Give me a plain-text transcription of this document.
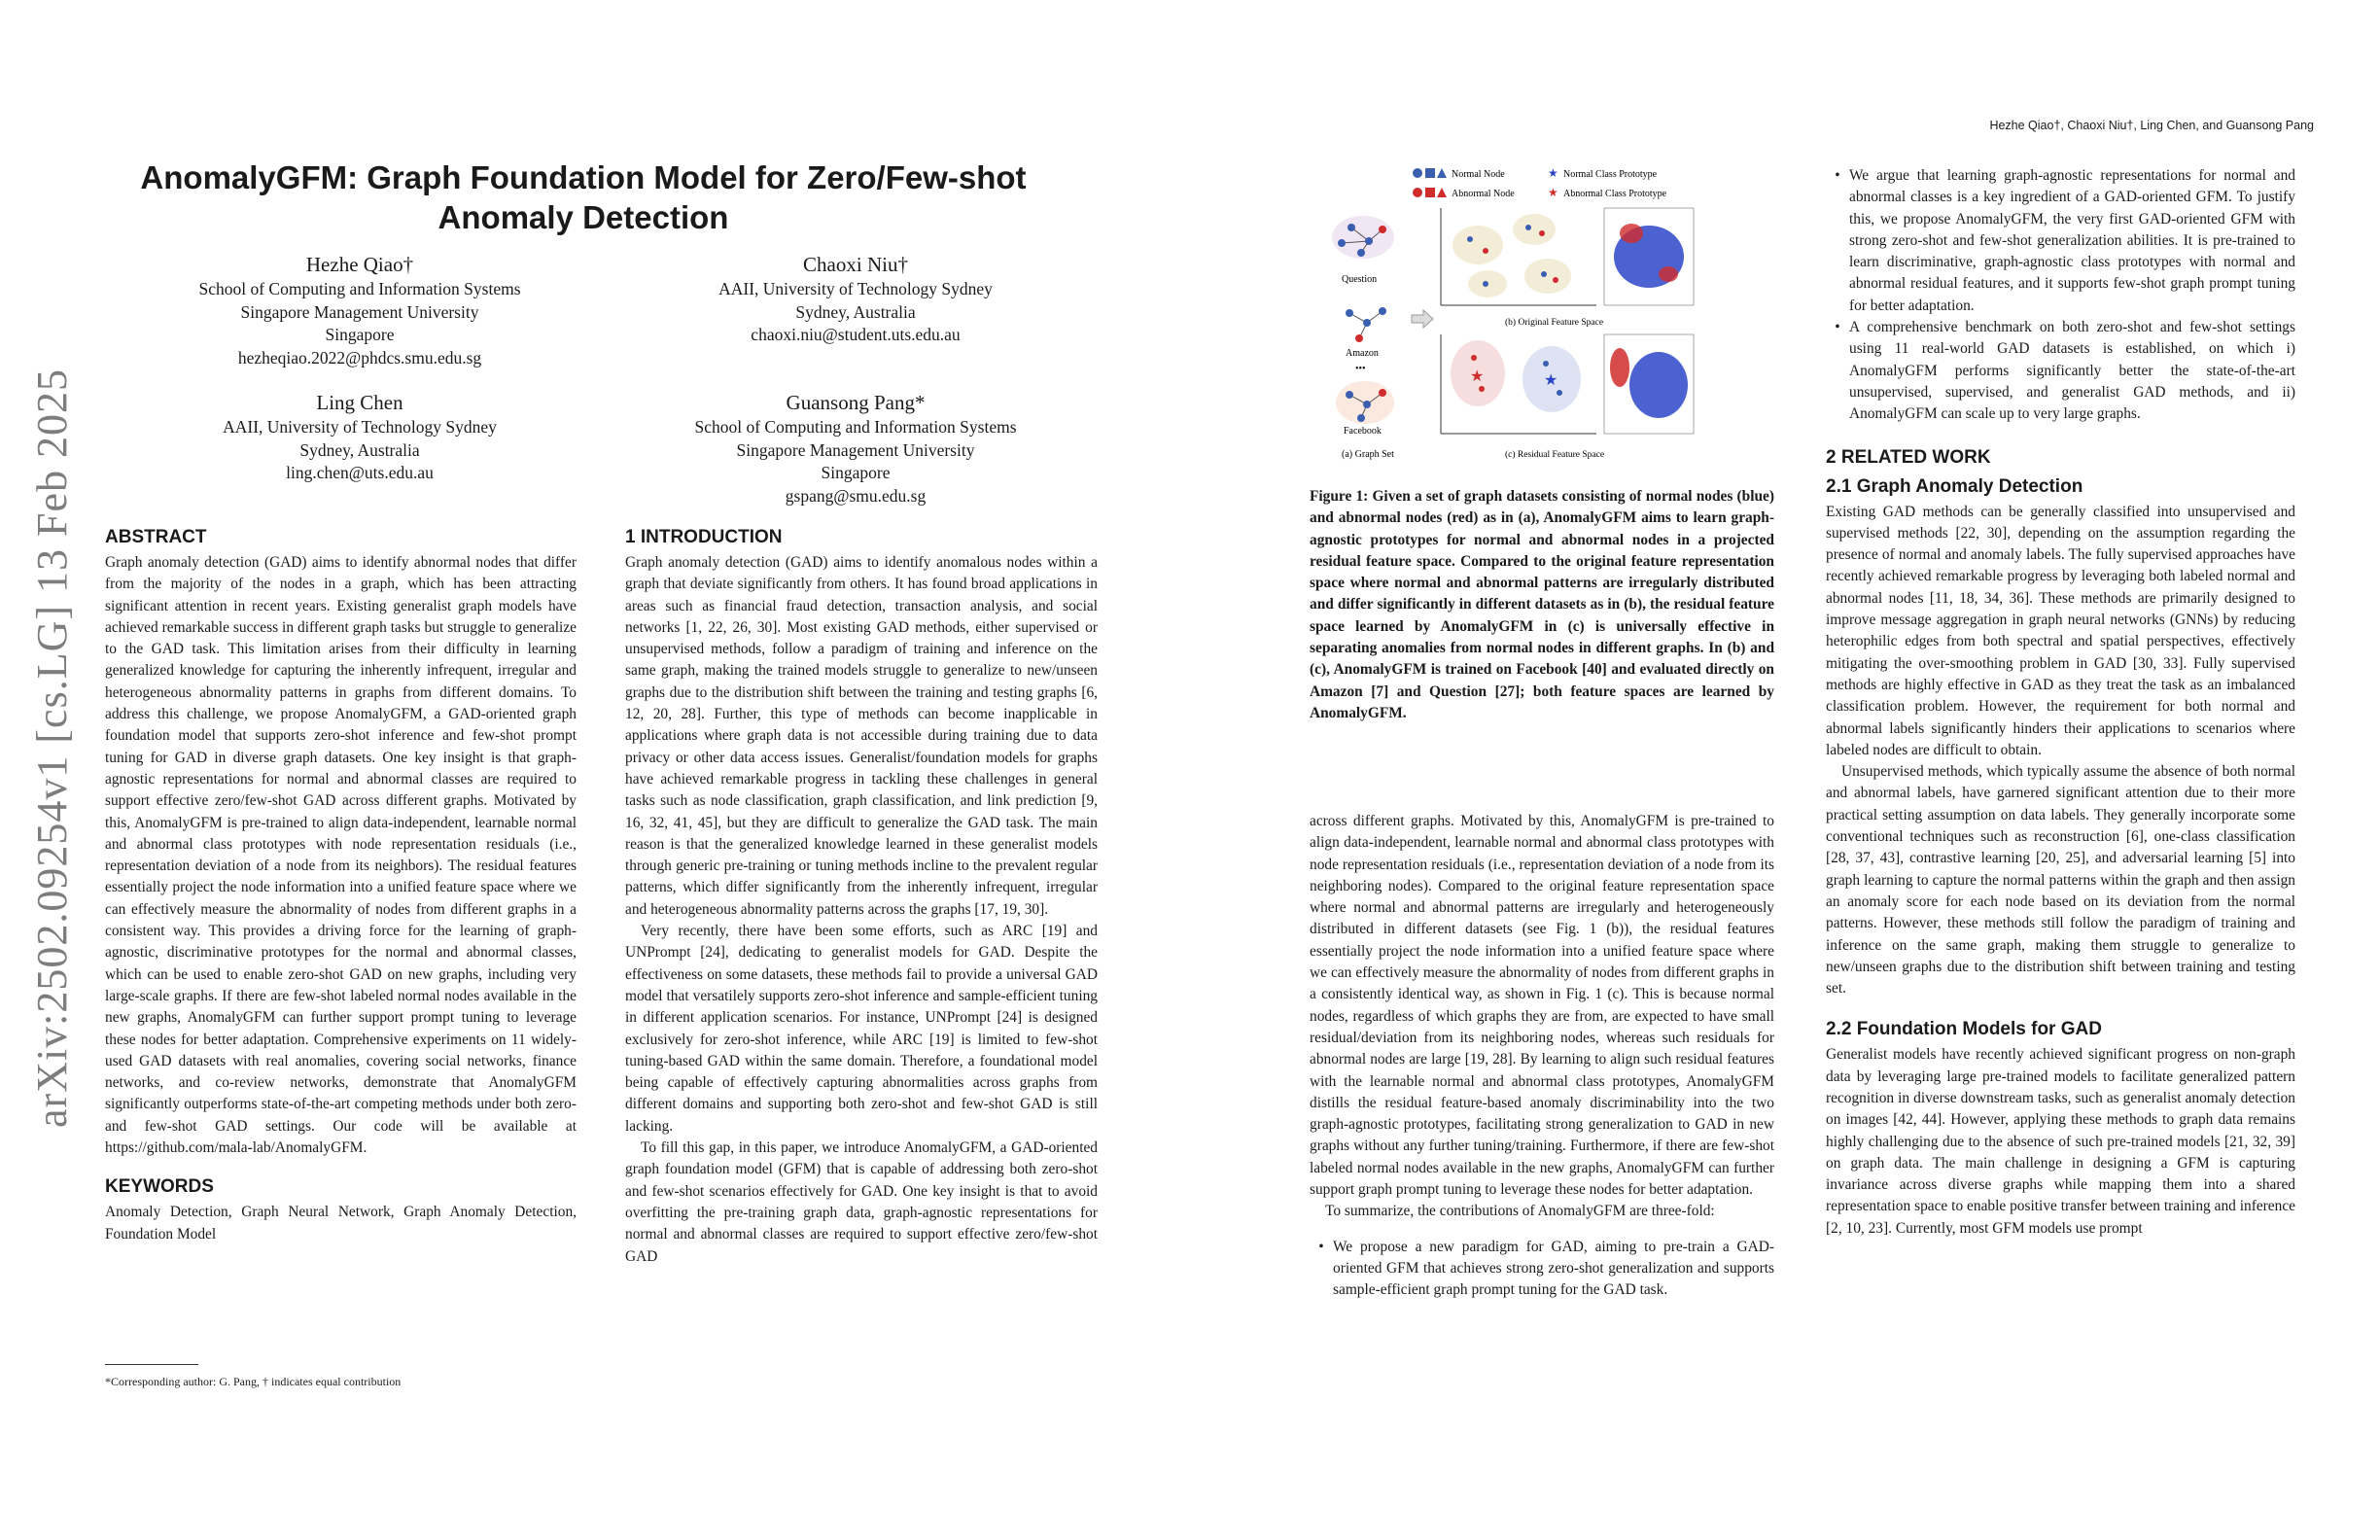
arXiv:2502.09254v1 [cs.LG] 13 Feb 2025
AnomalyGFM: Graph Foundation Model for Zero/Few-shot Anomaly Detection
Hezhe Qiao†
School of Computing and Information Systems
Singapore Management University
Singapore
hezheqiao.2022@phdcs.smu.edu.sg
Chaoxi Niu†
AAII, University of Technology Sydney
Sydney, Australia
chaoxi.niu@student.uts.edu.au
Ling Chen
AAII, University of Technology Sydney
Sydney, Australia
ling.chen@uts.edu.au
Guansong Pang*
School of Computing and Information Systems
Singapore Management University
Singapore
gspang@smu.edu.sg
ABSTRACT

Graph anomaly detection (GAD) aims to identify abnormal nodes that differ from the majority of the nodes in a graph, which has been attracting significant attention in recent years. Existing generalist graph models have achieved remarkable success in different graph tasks but struggle to generalize to the GAD task. This limitation arises from their difficulty in learning generalized knowledge for capturing the inherently infrequent, irregular and heterogeneous abnormality patterns in graphs from different domains. To address this challenge, we propose AnomalyGFM, a GAD-oriented graph foundation model that supports zero-shot inference and few-shot prompt tuning for GAD in diverse graph datasets. One key insight is that graph-agnostic representations for normal and abnormal classes are required to support effective zero/few-shot GAD across different graphs. Motivated by this, AnomalyGFM is pre-trained to align data-independent, learnable normal and abnormal class prototypes with node representation residuals (i.e., representation deviation of a node from its neighbors). The residual features essentially project the node information into a unified feature space where we can effectively measure the abnormality of nodes from different graphs in a consistent way. This provides a driving force for the learning of graph-agnostic, discriminative prototypes for the normal and abnormal classes, which can be used to enable zero-shot GAD on new graphs, including very large-scale graphs. If there are few-shot labeled normal nodes available in the new graphs, AnomalyGFM can further support prompt tuning to leverage these nodes for better adaptation. Comprehensive experiments on 11 widely-used GAD datasets with real anomalies, covering social networks, finance networks, and co-review networks, demonstrate that AnomalyGFM significantly outperforms state-of-the-art competing methods under both zero- and few-shot GAD settings. Our code will be available at https://github.com/mala-lab/AnomalyGFM.

KEYWORDS

Anomaly Detection, Graph Neural Network, Graph Anomaly Detection, Foundation Model

*Corresponding author: G. Pang, † indicates equal contribution
1 INTRODUCTION

Graph anomaly detection (GAD) aims to identify anomalous nodes within a graph that deviate significantly from others. It has found broad applications in areas such as financial fraud detection, transaction analysis, and social networks [1, 22, 26, 30]. Most existing GAD methods, either supervised or unsupervised methods, follow a paradigm of training and inference on the same graph, making the trained models struggle to generalize to new/unseen graphs due to the distribution shift between the training and testing graphs [6, 12, 20, 28]. Further, this type of methods can become inapplicable in applications where graph data is not accessible during training due to data privacy or other data access issues. Generalist/foundation models for graphs have achieved remarkable progress in tackling these challenges in general tasks such as node classification, graph classification, and link prediction [9, 16, 32, 41, 45], but they are difficult to generalize the GAD task. The main reason is that the generalized knowledge learned in these generalist models through generic pre-training or tuning methods incline to the prevalent regular patterns, which differ significantly from the inherently infrequent, irregular and heterogeneous abnormality patterns across the graphs [17, 19, 30].

Very recently, there have been some efforts, such as ARC [19] and UNPrompt [24], dedicating to generalist models for GAD. Despite the effectiveness on some datasets, these methods fail to provide a universal GAD model that versatilely supports zero-shot inference and sample-efficient tuning in different application scenarios. For instance, UNPrompt [24] is designed exclusively for zero-shot inference, while ARC [19] is limited to few-shot tuning-based GAD within the same domain. Therefore, a foundational model being capable of effectively capturing abnormalities across graphs from different domains and supporting both zero-shot and few-shot GAD is still lacking.

To fill this gap, in this paper, we introduce AnomalyGFM, a GAD-oriented graph foundation model (GFM) that is capable of addressing both zero-shot and few-shot scenarios effectively for GAD. One key insight is that to avoid overfitting the pre-training graph data, graph-agnostic representations for normal and abnormal classes are required to support effective zero/few-shot GAD

Hezhe Qiao†, Chaoxi Niu†, Ling Chen, and Guansong Pang
Normal Node
Abnormal Node
★ Normal Class Prototype
★ Abnormal Class Prototype
Question
Amazon
•••
Facebook
(a) Graph Set
(b) Original Feature Space
★	★
(c) Residual Feature Space
Figure 1: Given a set of graph datasets consisting of normal nodes (blue) and abnormal nodes (red) as in (a), AnomalyGFM aims to learn graph-agnostic prototypes for normal and abnormal nodes in a projected residual feature space. Compared to the original feature representation space where normal and abnormal patterns are irregularly distributed and differ significantly in different datasets as in (b), the residual feature space learned by AnomalyGFM in (c) is universally effective in separating anomalies from normal nodes in different graphs. In (b) and (c), AnomalyGFM is trained on Facebook [40] and evaluated directly on Amazon [7] and Question [27]; both feature spaces are learned by AnomalyGFM.

across different graphs. Motivated by this, AnomalyGFM is pre-trained to align data-independent, learnable normal and abnormal class prototypes with node representation residuals (i.e., representation deviation of a node from its neighboring nodes). Compared to the original feature representation space where normal and abnormal patterns are irregularly and heterogeneously distributed in different datasets (see Fig. 1 (b)), the residual features essentially project the node information into a unified feature space where we can effectively measure the abnormality of nodes from different graphs in a consistently identical way, as shown in Fig. 1 (c). This is because normal nodes, regardless of which graphs they are from, are expected to have small residual/deviation from its neighboring nodes, whereas such residuals for abnormal nodes are large [19, 28]. By learning to align such residual features with the learnable normal and abnormal class prototypes, AnomalyGFM distills the residual feature-based anomaly discriminability into the two graph-agnostic prototypes, facilitating strong generalization to GAD in new graphs without any further tuning/training. Furthermore, if there are few-shot labeled normal nodes available in the new graphs, AnomalyGFM can further support graph prompt tuning to leverage these nodes for better adaptation.

To summarize, the contributions of AnomalyGFM are three-fold:

• We propose a new paradigm for GAD, aiming to pre-train a GAD-oriented GFM that achieves strong zero-shot generalization and supports sample-efficient graph prompt tuning for the GAD task.
• We argue that learning graph-agnostic representations for normal and abnormal classes is a key ingredient of a GAD-oriented GFM. To justify this, we propose AnomalyGFM, the very first GAD-oriented GFM with strong zero-shot and few-shot generalization abilities. It is pre-trained to learn discriminative, graph-agnostic class prototypes with normal and abnormal residual features, and it supports few-shot graph prompt tuning for better adaptation.
• A comprehensive benchmark on both zero-shot and few-shot settings using 11 real-world GAD datasets is established, on which i) AnomalyGFM performs significantly better the state-of-the-art unsupervised, supervised, and generalist GAD methods, and ii) AnomalyGFM can scale up to very large graphs.
2 RELATED WORK
2.1 Graph Anomaly Detection

Existing GAD methods can be generally classified into unsupervised and supervised methods [22, 30], depending on the assumption regarding the presence of normal and anomaly labels. The fully supervised approaches have recently achieved remarkable progress by leveraging both labeled normal and abnormal nodes [11, 18, 34, 36]. These methods are primarily designed to improve message aggregation in graph neural networks (GNNs) by reducing heterophilic edges from both spectral and spatial perspectives, effectively mitigating the over-smoothing problem in GAD [30, 33]. Fully supervised methods are highly effective in GAD as they treat the task as an imbalanced classification problem. However, the requirement for both normal and abnormal labels significantly hinders their applications to scenarios where labeled nodes are difficult to obtain.

Unsupervised methods, which typically assume the absence of both normal and abnormal labels, have garnered significant attention due to their more practical setting assumption on data labels. They generally incorporate some conventional techniques such as reconstruction [6], one-class classification [28, 37, 43], contrastive learning [20, 25], and adversarial learning [5] into graph learning to capture the normal patterns within the graph and then assign an anomaly score for each node based on its deviation from the normal patterns. However, these methods still follow the paradigm of training and inference on the same graph, making them struggle to generalize to new/unseen graphs due to the distribution shift between training and testing set.

2.2 Foundation Models for GAD

Generalist models have recently achieved significant progress on non-graph data by leveraging large pre-trained models to facilitate generalized pattern recognition in diverse downstream tasks, such as generalist anomaly detection on images [42, 44]. However, applying these methods to graph data remains highly challenging due to the absence of such pre-trained models [21, 32, 39] on graph data. The main challenge in designing a GFM is capturing invariance across diverse graphs while mapping them into a shared representation space to enable positive transfer between training and inference [2, 10, 23]. Currently, most GFM models use prompt
